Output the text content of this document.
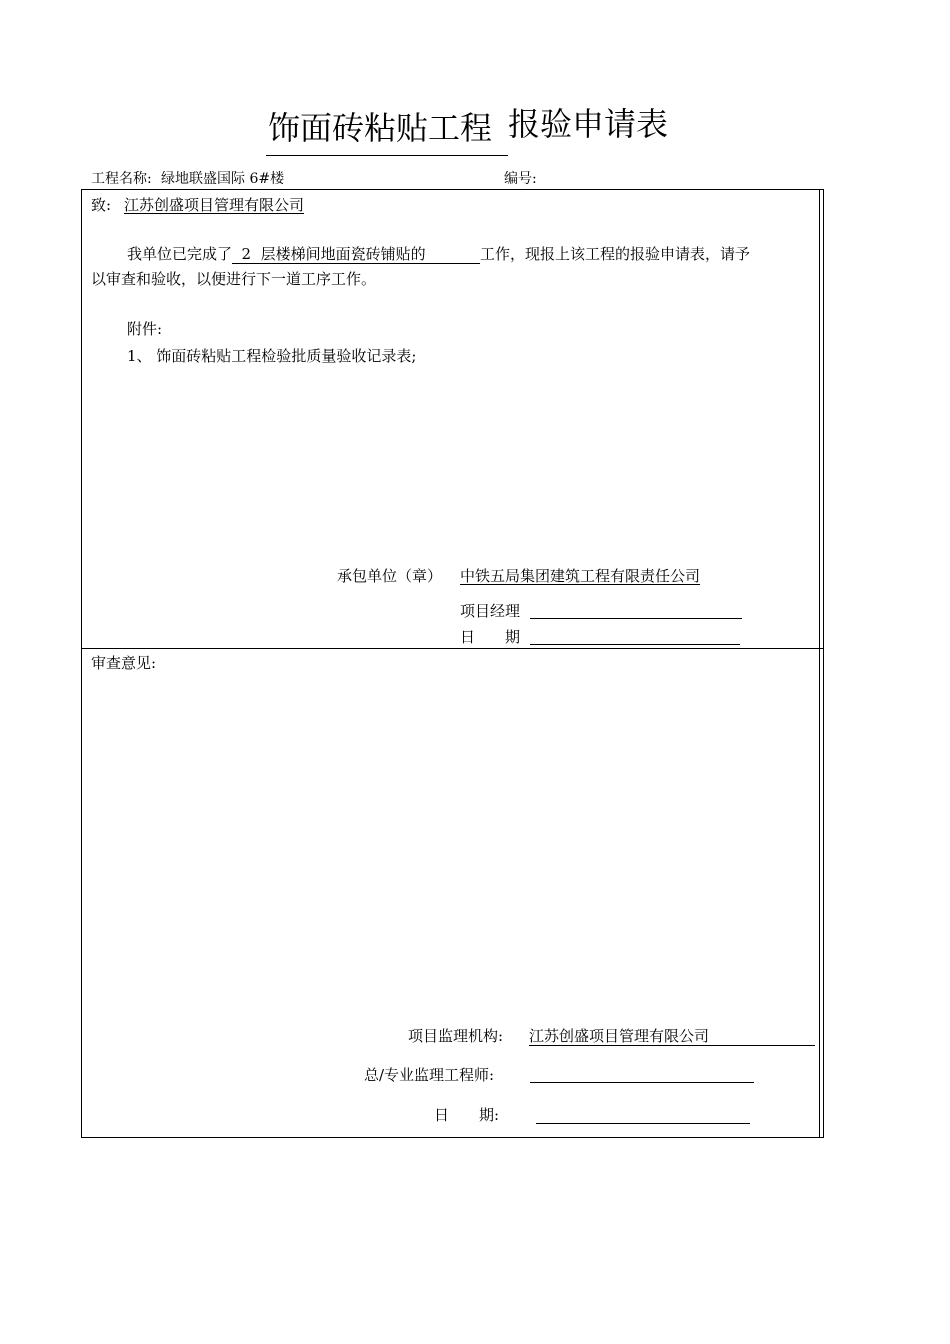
饰面砖粘贴工程 报验申请表
工程名称: 绿地联盛国际 6#楼	编号:
致: 江苏创盛项目管理有限公司
我单位已完成了  2  层楼梯间地面瓷砖铺贴的	工作，现报上该工程的报验申请表，请予
以审查和验收，以便进行下一道工序工作。
附件:
1、 饰面砖粘贴工程检验批质量验收记录表;
承包单位（章） 中铁五局集团建筑工程有限责任公司
项目经理
日 期
审查意见:
项目监理机构: 江苏创盛项目管理有限公司
总/专业监理工程师:
日 期:
